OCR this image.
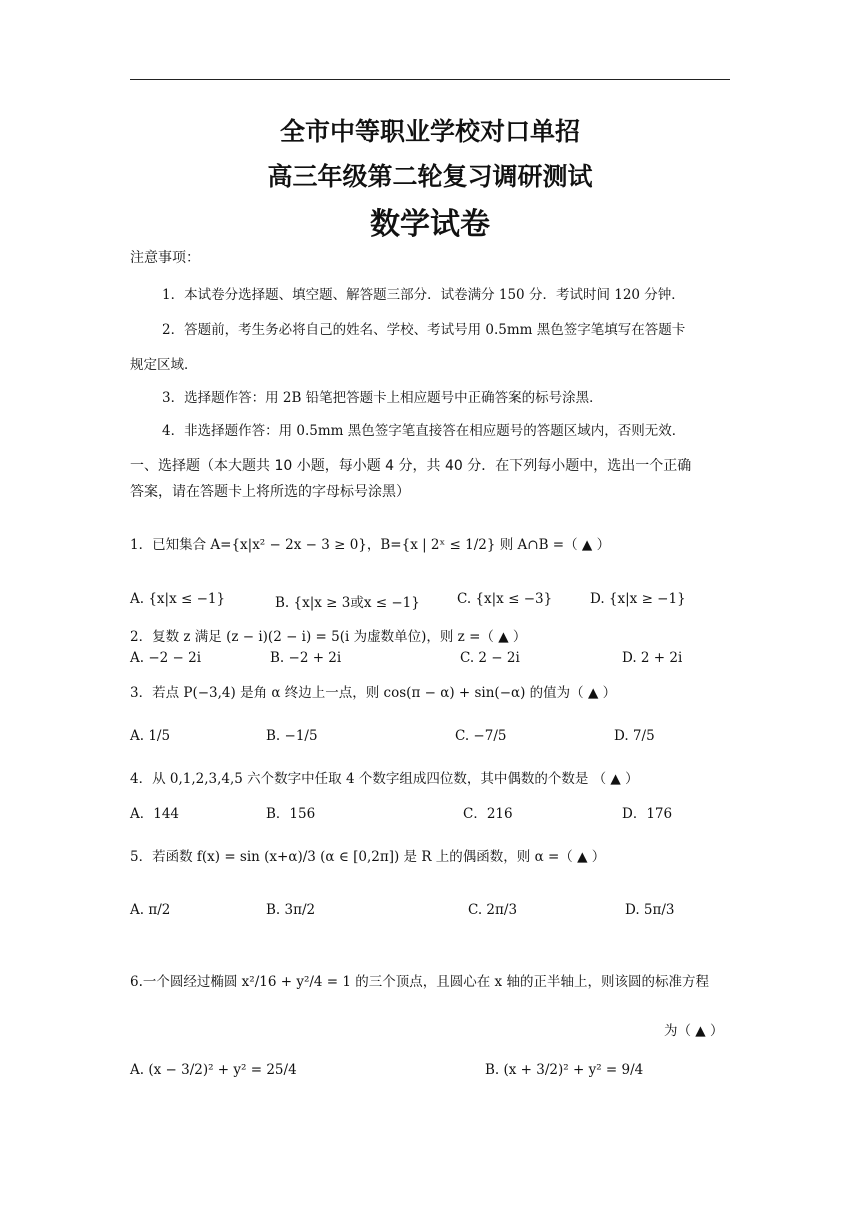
全市中等职业学校对口单招
高三年级第二轮复习调研测试
数学试卷
注意事项：
1．本试卷分选择题、填空题、解答题三部分．试卷满分 150 分．考试时间 120 分钟．
2．答题前，考生务必将自己的姓名、学校、考试号用 0.5mm 黑色签字笔填写在答题卡
规定区域．
3．选择题作答：用 2B 铅笔把答题卡上相应题号中正确答案的标号涂黑．
4．非选择题作答：用 0.5mm 黑色签字笔直接答在相应题号的答题区域内，否则无效．
一、选择题（本大题共 10 小题，每小题 4 分，共 40 分．在下列每小题中，选出一个正确
答案，请在答题卡上将所选的字母标号涂黑）
1．已知集合 A={x|x² − 2x − 3 ≥ 0}，B={x | 2ˣ ≤ 1/2} 则 A∩B =（ ▲ ）
A. {x|x ≤ −1}	B. {x|x ≥ 3或x ≤ −1}	C. {x|x ≤ −3}	D. {x|x ≥ −1}
2．复数 z 满足 (z − i)(2 − i) = 5(i 为虚数单位)，则 z =（ ▲ ）
A. −2 − 2i	B. −2 + 2i	C. 2 − 2i	D. 2 + 2i
3．若点 P(−3,4) 是角 α 终边上一点，则 cos(π − α) + sin(−α) 的值为（ ▲ ）
A. 1/5	B. −1/5	C. −7/5	D. 7/5
4．从 0,1,2,3,4,5 六个数字中任取 4 个数字组成四位数，其中偶数的个数是 （ ▲ ）
A．144	B．156	C．216	D．176
5．若函数 f(x) = sin (x+α)/3 (α ∈ [0,2π]) 是 R 上的偶函数，则 α =（ ▲ ）
A. π/2	B. 3π/2	C. 2π/3	D. 5π/3
6.一个圆经过椭圆 x²/16 + y²/4 = 1 的三个顶点，且圆心在 x 轴的正半轴上，则该圆的标准方程
为（ ▲ ）
A. (x − 3/2)² + y² = 25/4	B. (x + 3/2)² + y² = 9/4
